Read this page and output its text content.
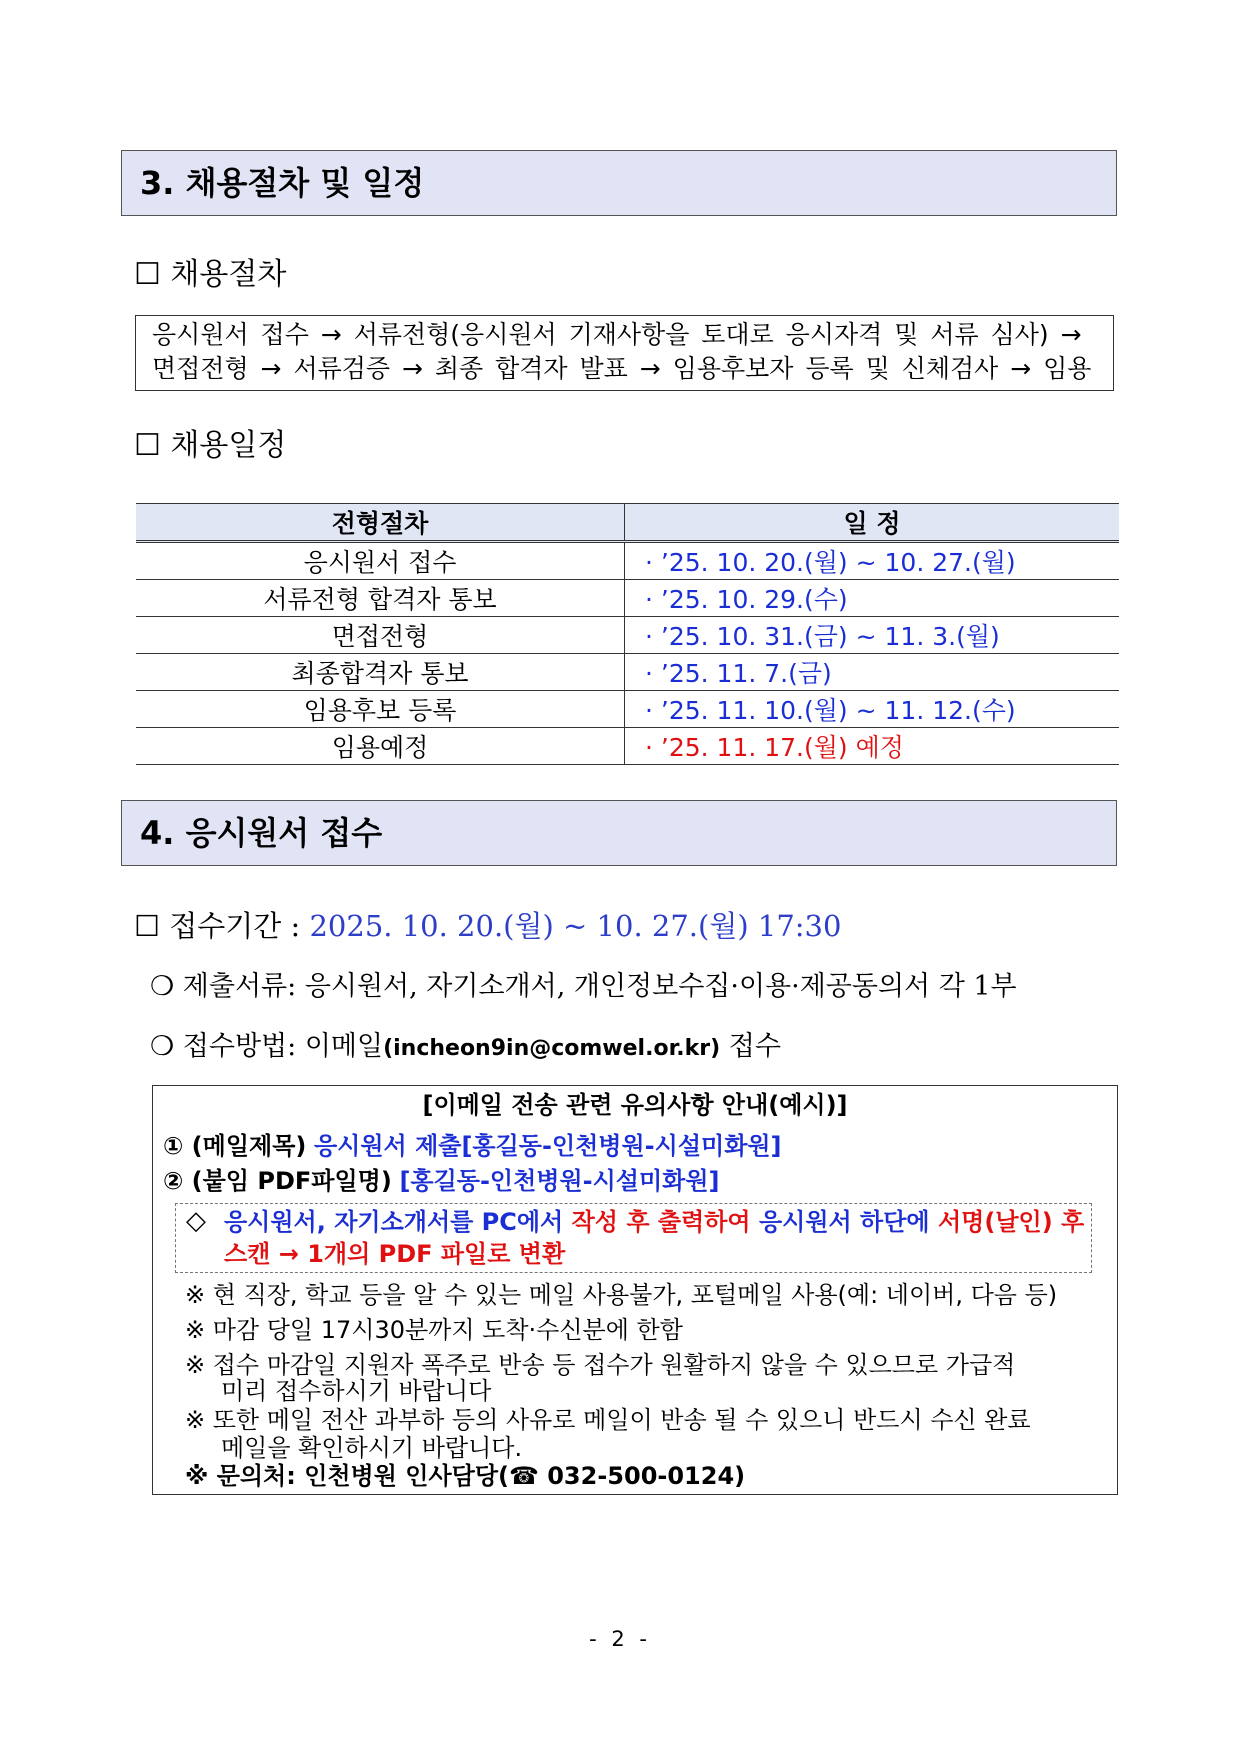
3. 채용절차 및 일정
☐ 채용절차
응시원서 접수 → 서류전형(응시원서 기재사항을 토대로 응시자격 및 서류 심사) →
면접전형 → 서류검증 → 최종 합격자 발표 → 임용후보자 등록 및 신체검사 → 임용
☐ 채용일정
전형절차	일 정
응시원서 접수	· ’25. 10. 20.(월) ~ 10. 27.(월)
서류전형 합격자 통보	· ’25. 10. 29.(수)
면접전형	· ’25. 10. 31.(금) ~ 11. 3.(월)
최종합격자 통보	· ’25. 11. 7.(금)
임용후보 등록	· ’25. 11. 10.(월) ~ 11. 12.(수)
임용예정	· ’25. 11. 17.(월) 예정
4. 응시원서 접수
☐ 접수기간 : 2025. 10. 20.(월) ~ 10. 27.(월) 17:30
❍ 제출서류: 응시원서, 자기소개서, 개인정보수집·이용·제공동의서 각 1부
❍ 접수방법: 이메일(incheon9in@comwel.or.kr) 접수
[이메일 전송 관련 유의사항 안내(예시)]
① (메일제목) 응시원서 제출[홍길동-인천병원-시설미화원]
② (붙임 PDF파일명) [홍길동-인천병원-시설미화원]
◇ 응시원서, 자기소개서를 PC에서 작성 후 출력하여 응시원서 하단에 서명(날인) 후
스캔 → 1개의 PDF 파일로 변환
※ 현 직장, 학교 등을 알 수 있는 메일 사용불가, 포털메일 사용(예: 네이버, 다음 등)
※ 마감 당일 17시30분까지 도착·수신분에 한함
※ 접수 마감일 지원자 폭주로 반송 등 접수가 원활하지 않을 수 있으므로 가급적
미리 접수하시기 바랍니다
※ 또한 메일 전산 과부하 등의 사유로 메일이 반송 될 수 있으니 반드시 수신 완료
메일을 확인하시기 바랍니다.
※ 문의처: 인천병원 인사담당(☎ 032-500-0124)
- 2 -
